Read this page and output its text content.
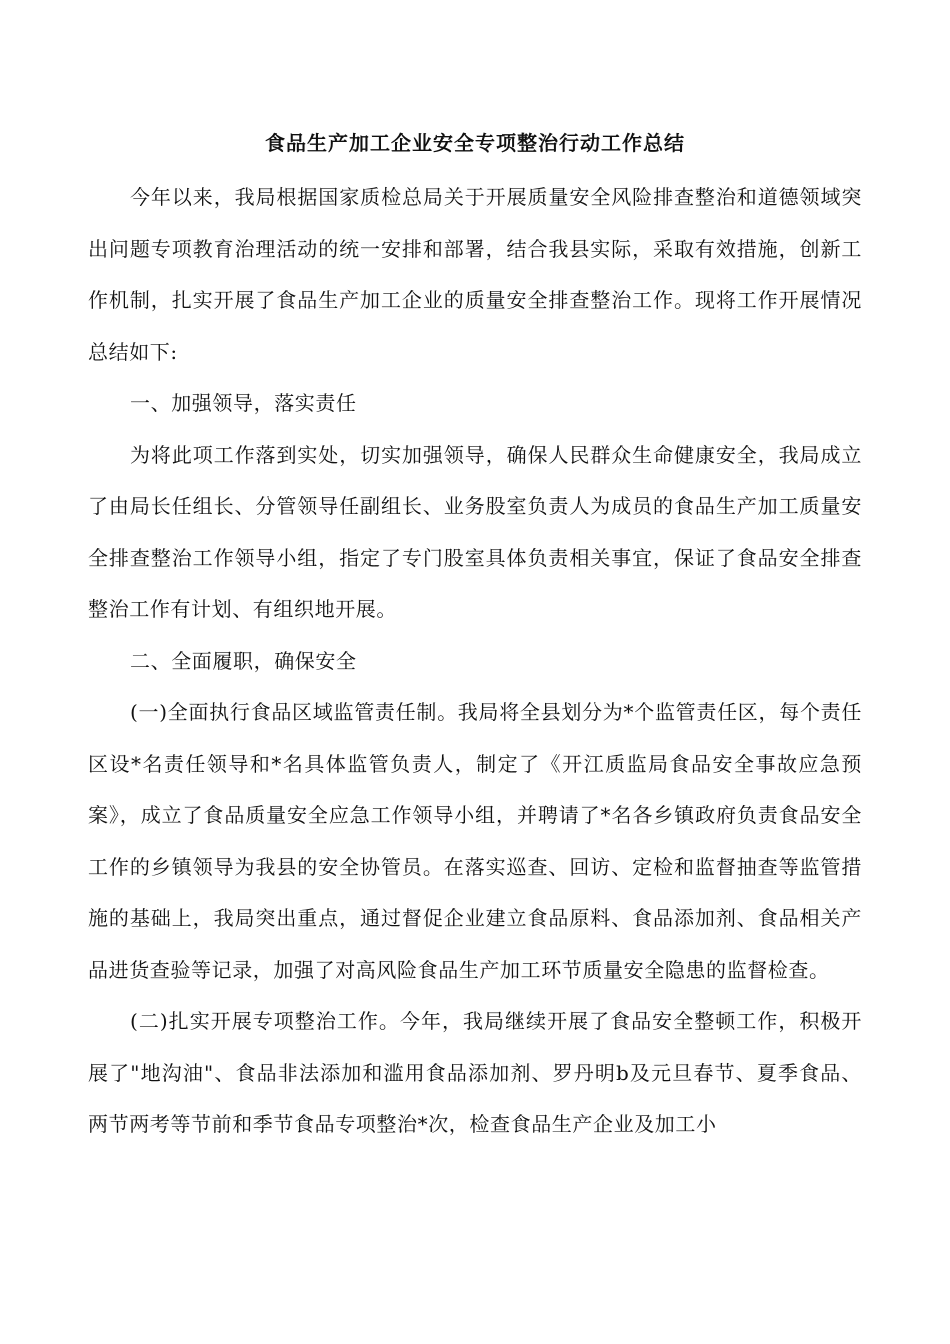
食品生产加工企业安全专项整治行动工作总结

今年以来，我局根据国家质检总局关于开展质量安全风险排查整治和道德领域突出问题专项教育治理活动的统一安排和部署，结合我县实际，采取有效措施，创新工作机制，扎实开展了食品生产加工企业的质量安全排查整治工作。现将工作开展情况总结如下:

一、加强领导，落实责任

为将此项工作落到实处，切实加强领导，确保人民群众生命健康安全，我局成立了由局长任组长、分管领导任副组长、业务股室负责人为成员的食品生产加工质量安全排查整治工作领导小组，指定了专门股室具体负责相关事宜，保证了食品安全排查整治工作有计划、有组织地开展。

二、全面履职，确保安全

(一)全面执行食品区域监管责任制。我局将全县划分为*个监管责任区，每个责任区设*名责任领导和*名具体监管负责人，制定了《开江质监局食品安全事故应急预案》，成立了食品质量安全应急工作领导小组，并聘请了*名各乡镇政府负责食品安全工作的乡镇领导为我县的安全协管员。在落实巡查、回访、定检和监督抽查等监管措施的基础上，我局突出重点，通过督促企业建立食品原料、食品添加剂、食品相关产品进货查验等记录，加强了对高风险食品生产加工环节质量安全隐患的监督检查。

(二)扎实开展专项整治工作。今年，我局继续开展了食品安全整顿工作，积极开展了"地沟油"、食品非法添加和滥用食品添加剂、罗丹明b及元旦春节、夏季食品、两节两考等节前和季节食品专项整治*次，检查食品生产企业及加工小
